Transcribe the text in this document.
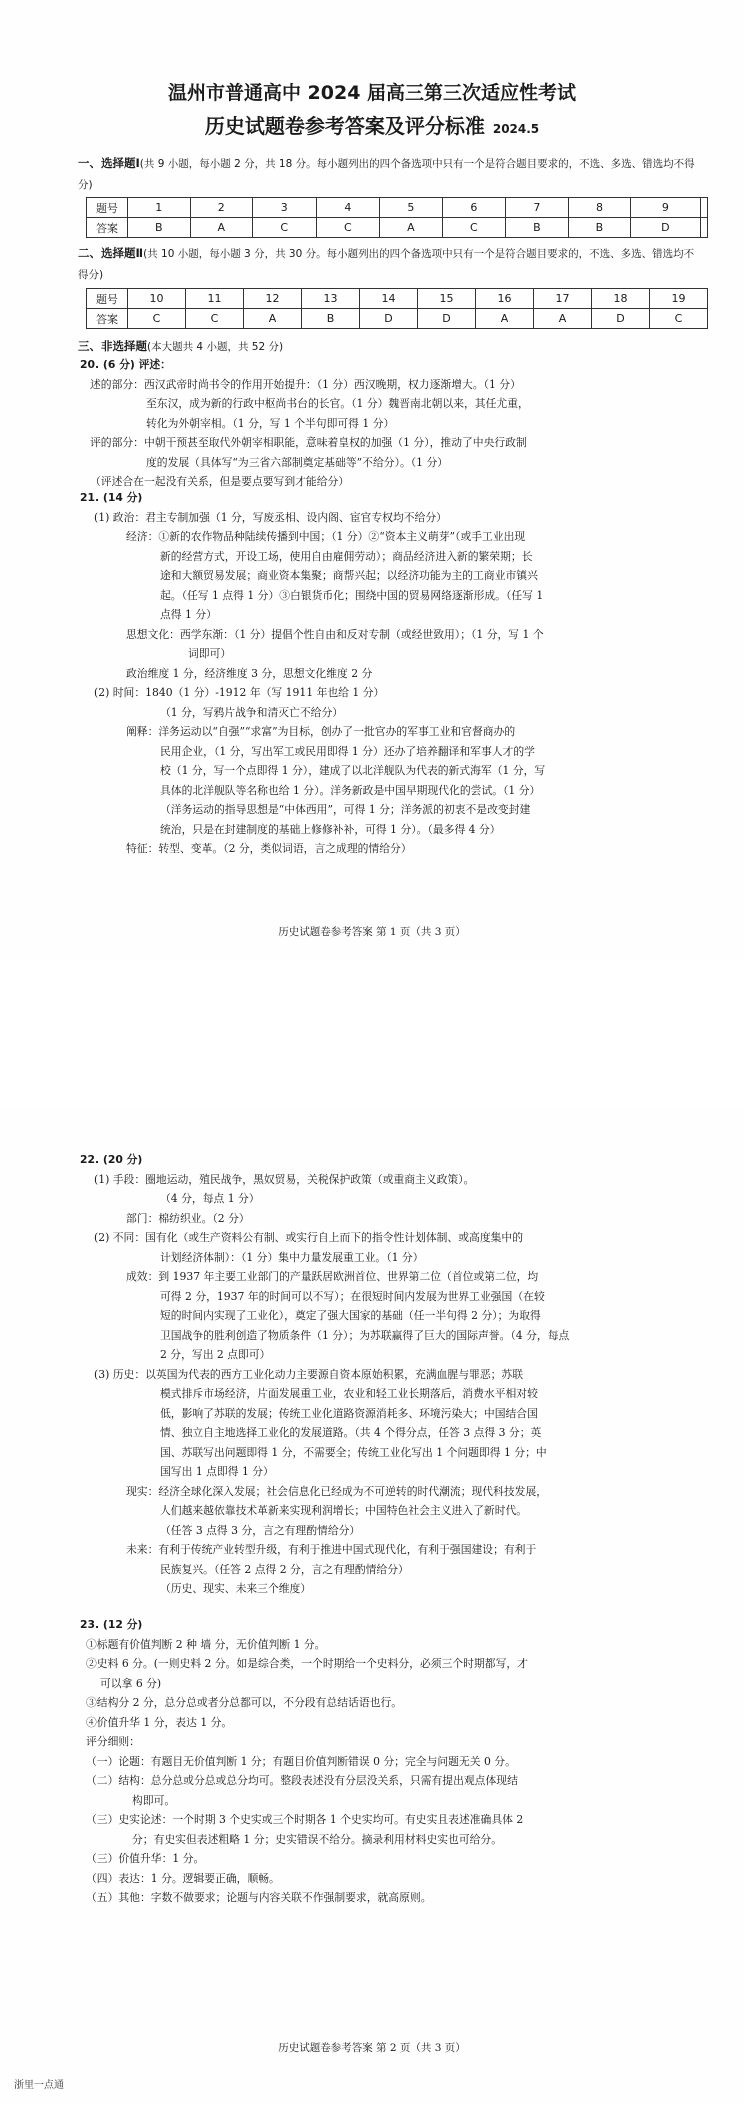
温州市普通高中 2024 届高三第三次适应性考试
历史试题卷参考答案及评分标准 2024.5
一、选择题Ⅰ(共 9 小题，每小题 2 分，共 18 分。每小题列出的四个备选项中只有一个是符合题目要求的，不选、多选、错选均不得分)
题号	1	2	3	4	5	6	7	8	9	
答案	B	A	C	C	A	C	B	B	D	
二、选择题Ⅱ(共 10 小题，每小题 3 分，共 30 分。每小题列出的四个备选项中只有一个是符合题目要求的，不选、多选、错选均不得分)
题号	10	11	12	13	14	15	16	17	18	19
答案	C	C	A	B	D	D	A	A	D	C
三、非选择题(本大题共 4 小题，共 52 分)
20. (6 分) 评述：
述的部分：西汉武帝时尚书令的作用开始提升：（1 分）西汉晚期，权力逐渐增大。（1 分）
至东汉，成为新的行政中枢尚书台的长官。（1 分）魏晋南北朝以来，其任尤重，
转化为外朝宰相。（1 分，写 1 个半句即可得 1 分）
评的部分：中朝干预甚至取代外朝宰相职能，意味着皇权的加强（1 分），推动了中央行政制
度的发展（具体写“为三省六部制奠定基础等”不给分）。（1 分）
（评述合在一起没有关系，但是要点要写到才能给分）
21. (14 分)
(1) 政治：君主专制加强（1 分，写废丞相、设内阁、宦官专权均不给分）
经济：①新的农作物品种陆续传播到中国；（1 分）②“资本主义萌芽”（或手工业出现
新的经营方式，开设工场，使用自由雇佣劳动）；商品经济进入新的繁荣期；长
途和大额贸易发展；商业资本集聚；商帮兴起；以经济功能为主的工商业市镇兴
起。（任写 1 点得 1 分）③白银货币化；围绕中国的贸易网络逐渐形成。（任写 1
点得 1 分）
思想文化：西学东渐：（1 分）提倡个性自由和反对专制（或经世致用）；（1 分，写 1 个
词即可）
政治维度 1 分，经济维度 3 分，思想文化维度 2 分
(2) 时间：1840（1 分）-1912 年（写 1911 年也给 1 分）
（1 分，写鸦片战争和清灭亡不给分）
阐释：洋务运动以“自强”“求富”为目标，创办了一批官办的军事工业和官督商办的
民用企业，（1 分，写出军工或民用即得 1 分）还办了培养翻译和军事人才的学
校（1 分，写一个点即得 1 分），建成了以北洋舰队为代表的新式海军（1 分，写
具体的北洋舰队等名称也给 1 分）。洋务新政是中国早期现代化的尝试。（1 分）
（洋务运动的指导思想是“中体西用”，可得 1 分；洋务派的初衷不是改变封建
统治，只是在封建制度的基础上修修补补，可得 1 分）。（最多得 4 分）
特征：转型、变革。（2 分，类似词语，言之成理的情给分）
历史试题卷参考答案 第 1 页（共 3 页）
22. (20 分)
(1) 手段：圈地运动，殖民战争，黑奴贸易，关税保护政策（或重商主义政策）。
（4 分，每点 1 分）
部门：棉纺织业。（2 分）
(2) 不同：国有化（或生产资料公有制、或实行自上而下的指令性计划体制、或高度集中的
计划经济体制）：（1 分）集中力量发展重工业。（1 分）
成效：到 1937 年主要工业部门的产量跃居欧洲首位、世界第二位（首位或第二位，均
可得 2 分，1937 年的时间可以不写）；在很短时间内发展为世界工业强国（在较
短的时间内实现了工业化），奠定了强大国家的基础（任一半句得 2 分）；为取得
卫国战争的胜利创造了物质条件（1 分）；为苏联赢得了巨大的国际声誉。（4 分，每点
2 分，写出 2 点即可）
(3) 历史：以英国为代表的西方工业化动力主要源自资本原始积累，充满血腥与罪恶；苏联
模式排斥市场经济，片面发展重工业，农业和轻工业长期落后，消费水平相对较
低，影响了苏联的发展；传统工业化道路资源消耗多、环境污染大；中国结合国
情、独立自主地选择工业化的发展道路。（共 4 个得分点，任答 3 点得 3 分；英
国、苏联写出问题即得 1 分，不需要全；传统工业化写出 1 个问题即得 1 分；中
国写出 1 点即得 1 分）
现实：经济全球化深入发展；社会信息化已经成为不可逆转的时代潮流；现代科技发展，
人们越来越依靠技术革新来实现利润增长；中国特色社会主义进入了新时代。
（任答 3 点得 3 分，言之有理酌情给分）
未来：有利于传统产业转型升级，有利于推进中国式现代化，有利于强国建设；有利于
民族复兴。（任答 2 点得 2 分，言之有理酌情给分）
（历史、现实、未来三个维度）
23. (12 分)
①标题有价值判断 2 种 墙 分，无价值判断 1 分。
②史料 6 分。(一则史料 2 分。如是综合类，一个时期给一个史料分，必须三个时期都写，才
可以拿 6 分)
③结构分 2 分，总分总或者分总都可以，不分段有总结话语也行。
④价值升华 1 分，表达 1 分。
评分细则：
（一）论题：有题目无价值判断 1 分；有题目价值判断错误 0 分；完全与问题无关 0 分。
（二）结构：总分总或分总或总分均可。整段表述没有分层没关系，只需有提出观点体现结
构即可。
（三）史实论述：一个时期 3 个史实或三个时期各 1 个史实均可。有史实且表述准确具体 2
分；有史实但表述粗略 1 分；史实错误不给分。摘录利用材料史实也可给分。
（三）价值升华：1 分。
（四）表达：1 分。逻辑要正确，顺畅。
（五）其他：字数不做要求；论题与内容关联不作强制要求，就高原则。
历史试题卷参考答案 第 2 页（共 3 页）
浙里一点通
